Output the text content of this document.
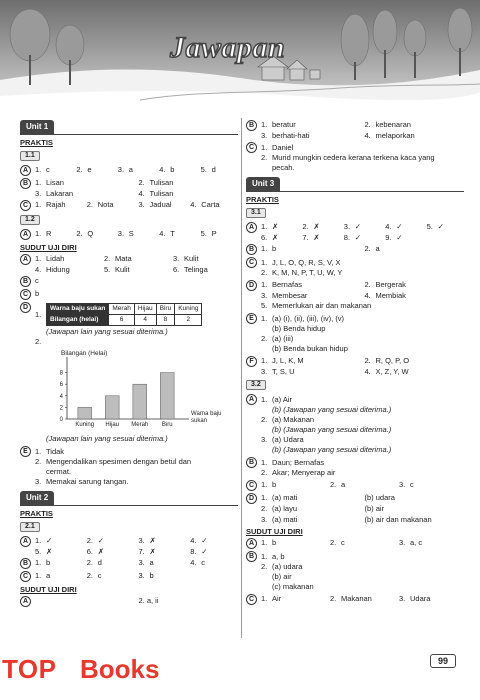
Jawapan
Unit 1
PRAKTIS
1.1
A 1. c	2. e	3. a	4. b	5. d
B 1. Lisan	2. Tulisan
3. Lakaran	4. Tulisan
C 1. Rajah	2. Nota	3. Jadual	4. Carta
1.2
A 1. R	2. Q	3. S	4. T	5. P
SUDUT UJI DIRI
A 1. Lidah	2. Mata	3. Kulit
4. Hidung	5. Kulit	6. Telinga
B c
C b
D
1.
Warna baju sukan	Merah	Hijau	Biru	Kuning
Bilangan (helai)	6	4	8	2
(Jawapan lain yang sesuai diterima.)
2.
Bilangan (Helai)
0
2
4
6
8
Kuning Hijau Merah Biru
Warna baju
sukan
(Jawapan lain yang sesuai diterima.)
E 1. Tidak
2. Mengendalikan spesimen dengan betul dan
cermat.
3. Memakai sarung tangan.
Unit 2
PRAKTIS
2.1
A 1. ✓	2. ✓	3. ✗	4. ✓
5. ✗	6. ✗	7. ✗	8. ✓
B 1. b	2. d	3. a	4. c
C 1. a	2. c	3. b
SUDUT UJI DIRI
A	2. a, ii
B 1. beratur	2. kebenaran
3. berhati-hati	4. melaporkan
C 1. Daniel
2. Murid mungkin cedera kerana terkena kaca yang
pecah.
Unit 3
PRAKTIS
3.1
A 1. ✗	2. ✗	3. ✓	4. ✓	5. ✓
6. ✗	7. ✗	8. ✓	9. ✓
B 1. b	2. a
C 1. J, L, O, Q, R, S, V, X
2. K, M, N, P, T, U, W, Y
D 1. Bernafas	2. Bergerak
3. Membesar	4. Membiak
5. Memerlukan air dan makanan
E 1. (a) (i), (ii), (iii), (iv), (v)
(b) Benda hidup
2. (a) (iii)
(b) Benda bukan hidup
F 1. J, L, K, M	2. R, Q, P, O
3. T, S, U	4. X, Z, Y, W
3.2
A 1. (a) Air
(b) (Jawapan yang sesuai diterima.)
2. (a) Makanan
(b) (Jawapan yang sesuai diterima.)
3. (a) Udara
(b) (Jawapan yang sesuai diterima.)
B 1. Daun; Bernafas
2. Akar; Menyerap air
C 1. b	2. a	3. c
D 1. (a) mati	(b) udara
2. (a) layu	(b) air
3. (a) mati	(b) air dan makanan
SUDUT UJI DIRI
A 1. b	2. c	3. a, c
B 1. a, b
2. (a) udara
(b) air
(c) makanan
C 1. Air	2. Makanan	3. Udara
TOP Books	99
